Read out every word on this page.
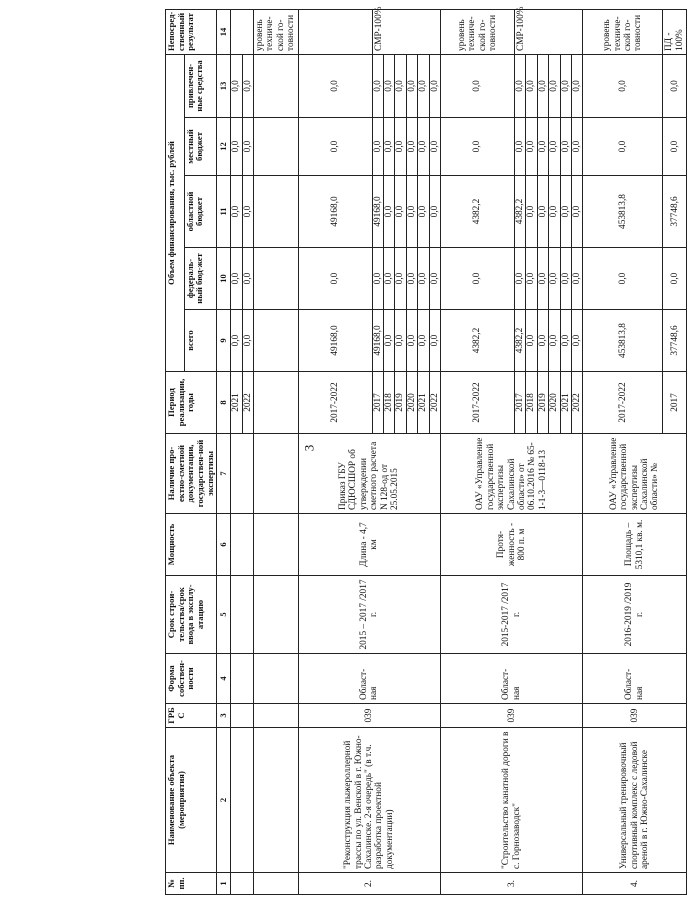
3
№ пп.	Наименование объекта (мероприятия)	ГРБ С	Форма собствен-ности	Срок строи-тельства/срок ввода в эксплу-атацию	Мощность	Наличие про-ектно-сметной документации, государствен-ной экспертизы	Период реализации, годы	Объем финансирования, тыс. рублей					Непосред-ственный результат
								всего	федераль-ный бюд-жет	областной бюджет	местный бюджет	привлечен-ные средства	
1	2	3	4	5	6	7	8	9	10	11	12	13	14
							2021	0,0	0,0	0,0	0,0	0,0	
							2022	0,0	0,0	0,0	0,0	0,0	
													уровень техниче-ской го-товности
2.	"Реконструкция лыжероллерной трассы по ул. Венской в г. Южно-Сахалинске. 2-я очередь" (в т.ч. разработка проектной документации)	039	Област-ная	2015 – 2017 /2017 г.	Длина - 4,7 км	Приказ ГБУ СДЮСШОР об утверждении сметного расчета N 128-од от 25.05.2015	2017-2022	49168,0	0,0	49168,0	0,0	0,0	
							2017	49168,0	0,0	49168,0	0,0	0,0	СМР-100%
							2018	0,0	0,0	0,0	0,0	0,0	
							2019	0,0	0,0	0,0	0,0	0,0	
							2020	0,0	0,0	0,0	0,0	0,0	
							2021	0,0	0,0	0,0	0,0	0,0	
							2022	0,0	0,0	0,0	0,0	0,0	
3.	"Строительство канатной дороги в с. Горнозаводск"	039	Област-ная	2015-2017 /2017 г.	Протя-женность - 800 п. м	ОАУ «Управление государственной экспертизы Сахалинской области» от 06.10.2016 № 65-1-1-3—0118-13	2017-2022	4382,2	0,0	4382,2	0,0	0,0	уровень техниче-ской го-товности
							2017	4382,2	0,0	4382,2	0,0	0,0	СМР-100%
							2018	0,0	0,0	0,0	0,0	0,0	
							2019	0,0	0,0	0,0	0,0	0,0	
							2020	0,0	0,0	0,0	0,0	0,0	
							2021	0,0	0,0	0,0	0,0	0,0	
							2022	0,0	0,0	0,0	0,0	0,0	
4.	Универсальный тренировочный спортивный комплекс с ледовой ареной в г. Южно-Сахалинске	039	Област-ная	2016-2019 /2019 г.	Площадь – 5310,1 кв. м.	ОАУ «Управление государственной экспертизы Сахалинской области» №	2017-2022	453813,8	0,0	453813,8	0,0	0,0	уровень техниче-ской го-товности
							2017	37748,6	0,0	37748,6	0,0	0,0	ПД - 100%
